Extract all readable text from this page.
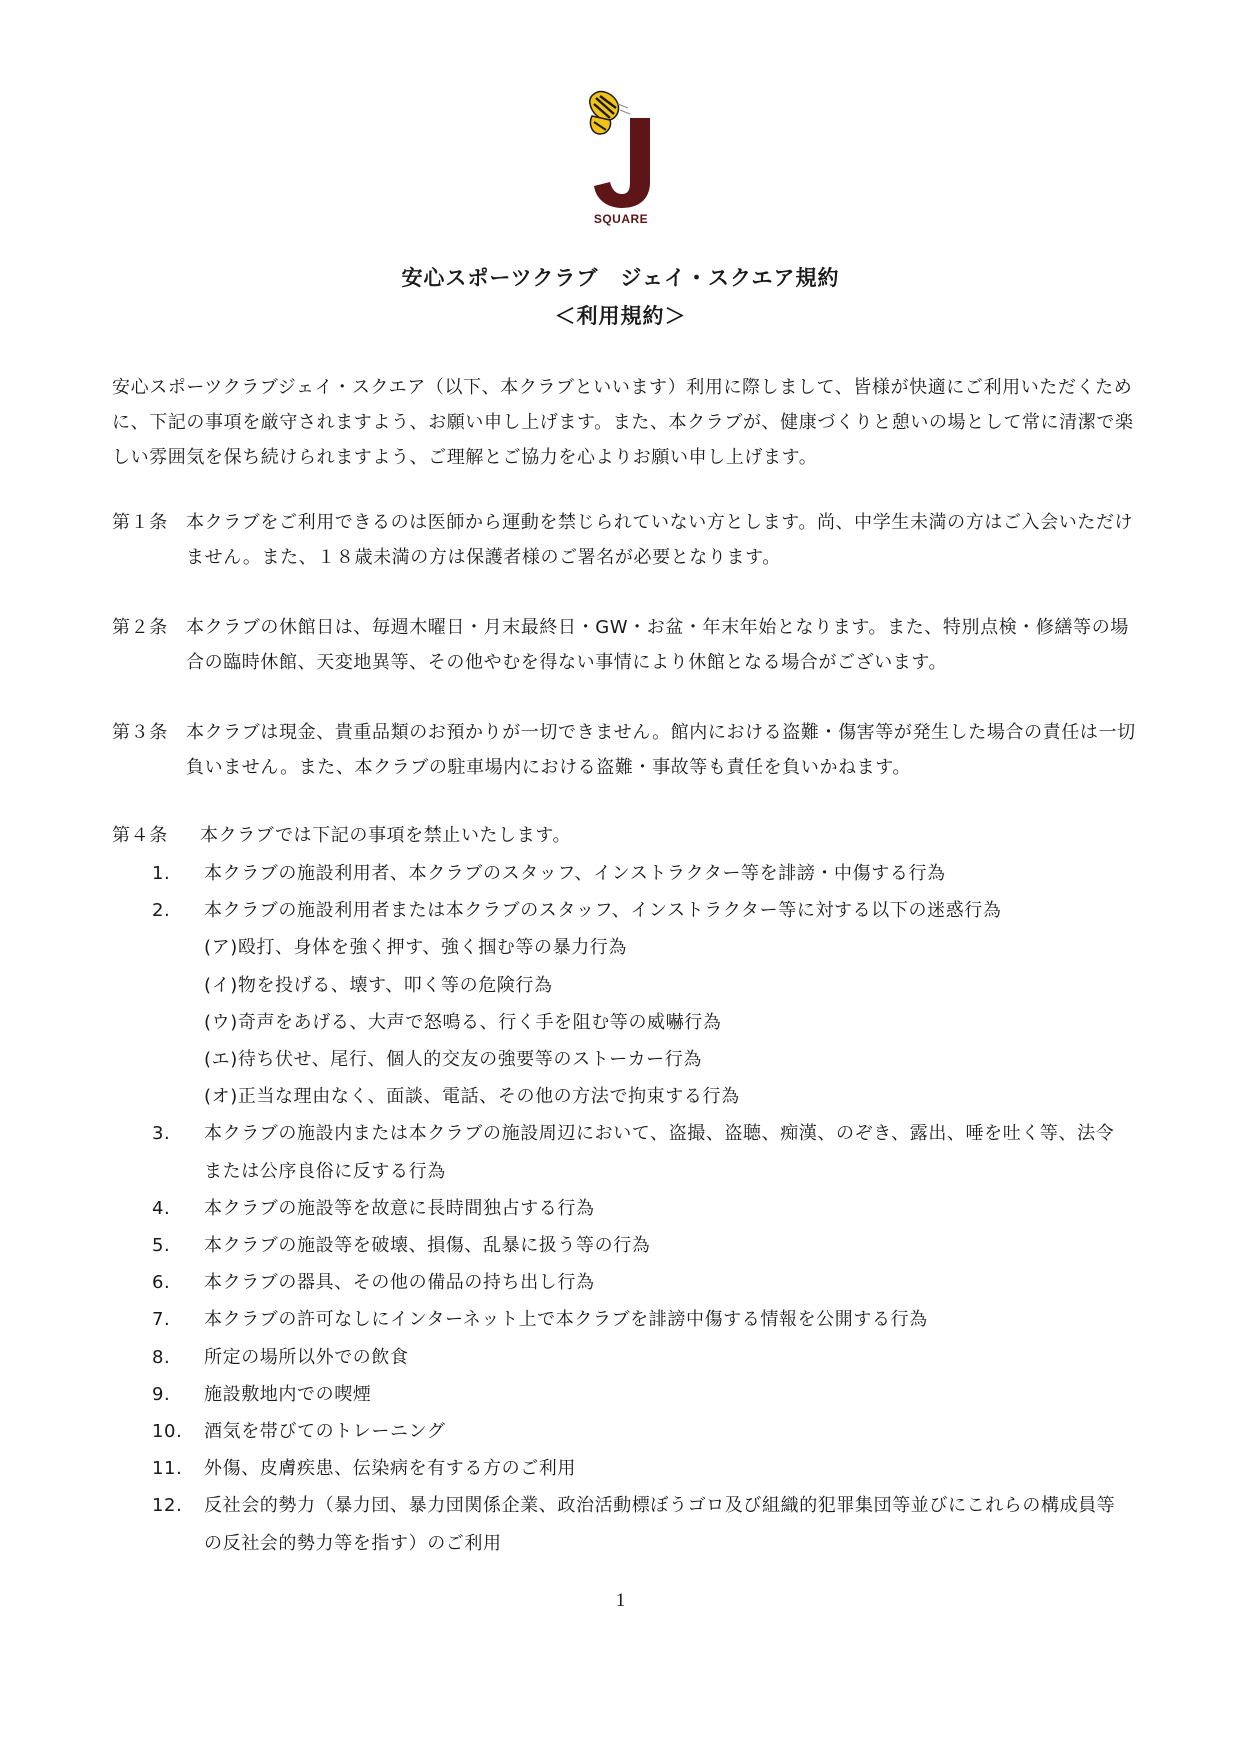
SQUARE
安心スポーツクラブ　ジェイ・スクエア規約
＜利用規約＞
安心スポーツクラブジェイ・スクエア（以下、本クラブといいます）利用に際しまして、皆様が快適にご利用いただくために、下記の事項を厳守されますよう、お願い申し上げます。また、本クラブが、健康づくりと憩いの場として常に清潔で楽しい雰囲気を保ち続けられますよう、ご理解とご協力を心よりお願い申し上げます。
第１条	本クラブをご利用できるのは医師から運動を禁じられていない方とします。尚、中学生未満の方はご入会いただけません。また、１８歳未満の方は保護者様のご署名が必要となります。
第２条	本クラブの休館日は、毎週木曜日・月末最終日・GW・お盆・年末年始となります。また、特別点検・修繕等の場合の臨時休館、天変地異等、その他やむを得ない事情により休館となる場合がございます。
第３条	本クラブは現金、貴重品類のお預かりが一切できません。館内における盗難・傷害等が発生した場合の責任は一切負いません。また、本クラブの駐車場内における盗難・事故等も責任を負いかねます。
第４条	本クラブでは下記の事項を禁止いたします。
1.	本クラブの施設利用者、本クラブのスタッフ、インストラクター等を誹謗・中傷する行為
2.	本クラブの施設利用者または本クラブのスタッフ、インストラクター等に対する以下の迷惑行為
(ア)殴打、身体を強く押す、強く掴む等の暴力行為
(イ)物を投げる、壊す、叩く等の危険行為
(ウ)奇声をあげる、大声で怒鳴る、行く手を阻む等の威嚇行為
(エ)待ち伏せ、尾行、個人的交友の強要等のストーカー行為
(オ)正当な理由なく、面談、電話、その他の方法で拘束する行為
3.	本クラブの施設内または本クラブの施設周辺において、盗撮、盗聴、痴漢、のぞき、露出、唾を吐く等、法令または公序良俗に反する行為
4.	本クラブの施設等を故意に長時間独占する行為
5.	本クラブの施設等を破壊、損傷、乱暴に扱う等の行為
6.	本クラブの器具、その他の備品の持ち出し行為
7.	本クラブの許可なしにインターネット上で本クラブを誹謗中傷する情報を公開する行為
8.	所定の場所以外での飲食
9.	施設敷地内での喫煙
10.	酒気を帯びてのトレーニング
11.	外傷、皮膚疾患、伝染病を有する方のご利用
12.	反社会的勢力（暴力団、暴力団関係企業、政治活動標ぼうゴロ及び組織的犯罪集団等並びにこれらの構成員等の反社会的勢力等を指す）のご利用
1
